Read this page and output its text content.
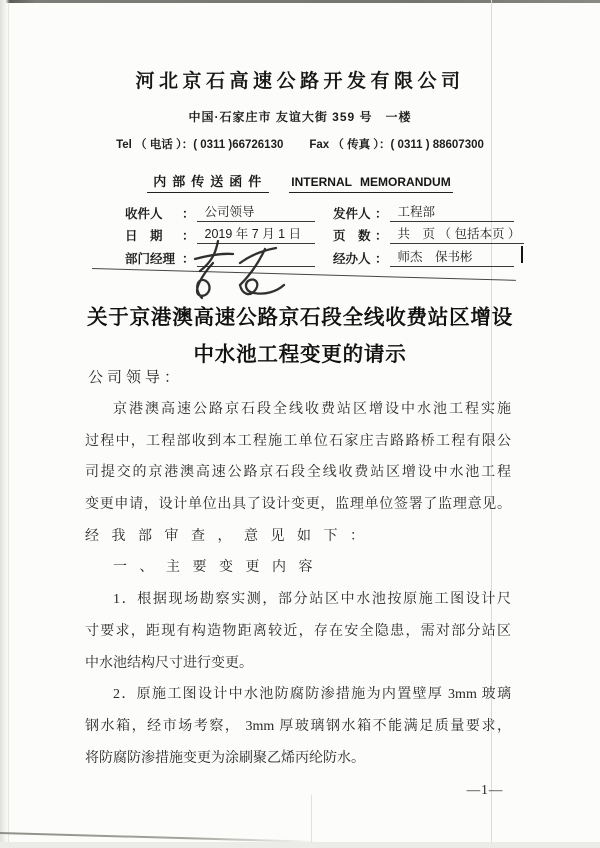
河北京石高速公路开发有限公司
中国·石家庄市 友谊大街 359 号　一楼
Tel （ 电话 ）：( 0311 )66726130 Fax （ 传真 ）：( 0311 ) 88607300
内部传送函件 INTERNAL MEMORANDUM
收件人	： 公司领导
日　期	： 2019 年 7 月 1 日
部门经理 ：
发件人 ： 工程部
页　数 ： 共　页 （ 包括本页 ）
经办人 ： 师杰　保书彬
关于京港澳高速公路京石段全线收费站区增设
中水池工程变更的请示
公司领导：
京港澳高速公路京石段全线收费站区增设中水池工程实施
过程中，工程部收到本工程施工单位石家庄吉路路桥工程有限公
司提交的京港澳高速公路京石段全线收费站区增设中水池工程
变更申请，设计单位出具了设计变更，监理单位签署了监理意见。
经我部审查，意见如下：
一、主要变更内容
1．根据现场勘察实测，部分站区中水池按原施工图设计尺
寸要求，距现有构造物距离较近，存在安全隐患，需对部分站区
中水池结构尺寸进行变更。
2．原施工图设计中水池防腐防渗措施为内置壁厚 3mm 玻璃
钢水箱，经市场考察， 3mm 厚玻璃钢水箱不能满足质量要求，
将防腐防渗措施变更为涂刷聚乙烯丙纶防水。
—1—
